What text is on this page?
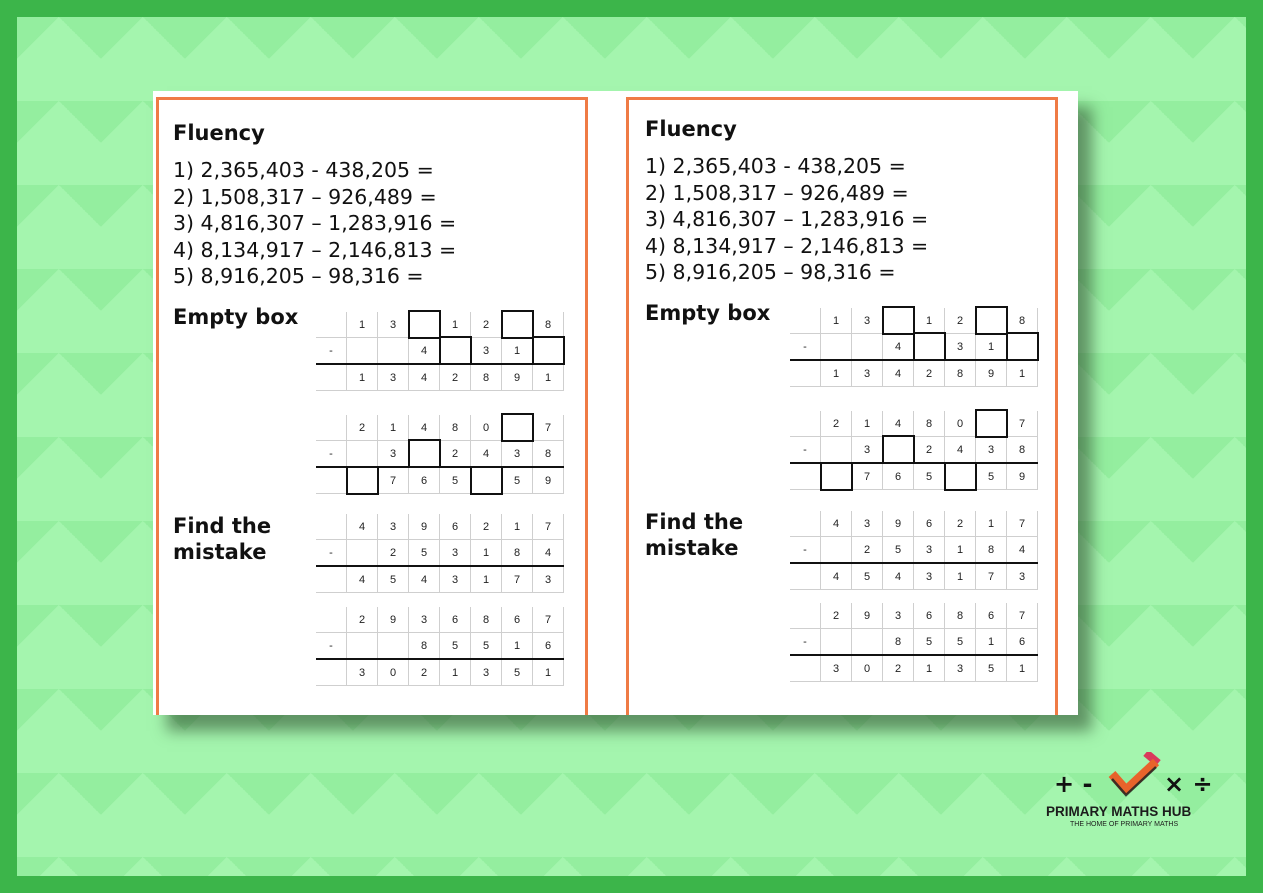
Fluency
1) 2,365,403 - 438,205 =
2) 1,508,317 – 926,489 =
3) 4,816,307 – 1,283,916 =
4) 8,134,917 – 2,146,813 =
5) 8,916,205 – 98,316 =
Empty box
		1	3		1	2		8
-			4		3	1	
	1	3	4	2	8	9	1
	2	1	4	8	0		7
-		3		2	4	3	8
		7	6	5		5	9
Find the mistake
	4	3	9	6	2	1	7
-		2	5	3	1	8	4
	4	5	4	3	1	7	3
	2	9	3	6	8	6	7
-			8	5	5	1	6
	3	0	2	1	3	5	1
Fluency
1) 2,365,403 - 438,205 =
2) 1,508,317 – 926,489 =
3) 4,816,307 – 1,283,916 =
4) 8,134,917 – 2,146,813 =
5) 8,916,205 – 98,316 =
Empty box
		1	3		1	2		8
-			4		3	1	
	1	3	4	2	8	9	1
	2	1	4	8	0		7
-		3		2	4	3	8
		7	6	5		5	9
Find the mistake
	4	3	9	6	2	1	7
-		2	5	3	1	8	4
	4	5	4	3	1	7	3
	2	9	3	6	8	6	7
-			8	5	5	1	6
	3	0	2	1	3	5	1
+ -	× ÷
PRIMARY MATHS HUB
THE HOME OF PRIMARY MATHS
